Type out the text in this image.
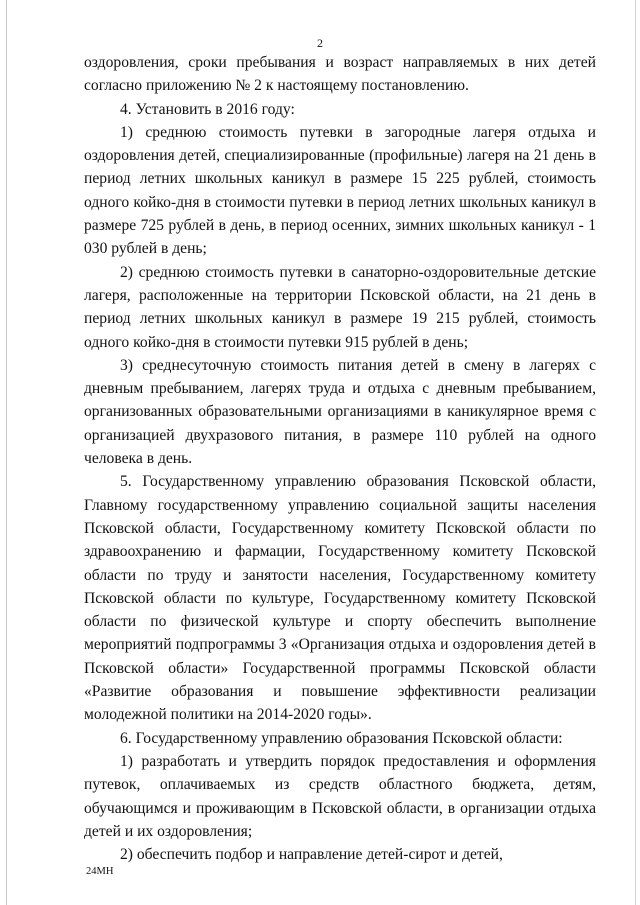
2

оздоровления, сроки пребывания и возраст направляемых в них детей согласно приложению № 2 к настоящему постановлению.

4. Установить в 2016 году:

1) среднюю стоимость путевки в загородные лагеря отдыха и оздоровления детей, специализированные (профильные) лагеря на 21 день в период летних школьных каникул в размере 15 225 рублей, стоимость одного койко-дня в стоимости путевки в период летних школьных каникул в размере 725 рублей в день, в период осенних, зимних школьных каникул - 1 030 рублей в день;

2) среднюю стоимость путевки в санаторно-оздоровительные детские лагеря, расположенные на территории Псковской области, на 21 день в период летних школьных каникул в размере 19 215 рублей, стоимость одного койко-дня в стоимости путевки 915 рублей в день;

3) среднесуточную стоимость питания детей в смену в лагерях с дневным пребыванием, лагерях труда и отдыха с дневным пребыванием, организованных образовательными организациями в каникулярное время с организацией двухразового питания, в размере 110 рублей на одного человека в день.

5. Государственному управлению образования Псковской области, Главному государственному управлению социальной защиты населения Псковской области, Государственному комитету Псковской области по здравоохранению и фармации, Государственному комитету Псковской области по труду и занятости населения, Государственному комитету Псковской области по культуре, Государственному комитету Псковской области по физической культуре и спорту обеспечить выполнение мероприятий подпрограммы 3 «Организация отдыха и оздоровления детей в Псковской области» Государственной программы Псковской области «Развитие образования и повышение эффективности реализации молодежной политики на 2014-2020 годы».

6. Государственному управлению образования Псковской области:

1) разработать и утвердить порядок предоставления и оформления путевок, оплачиваемых из средств областного бюджета, детям, обучающимся и проживающим в Псковской области, в организации отдыха детей и их оздоровления;

2) обеспечить подбор и направление детей-сирот и детей,

24МН
